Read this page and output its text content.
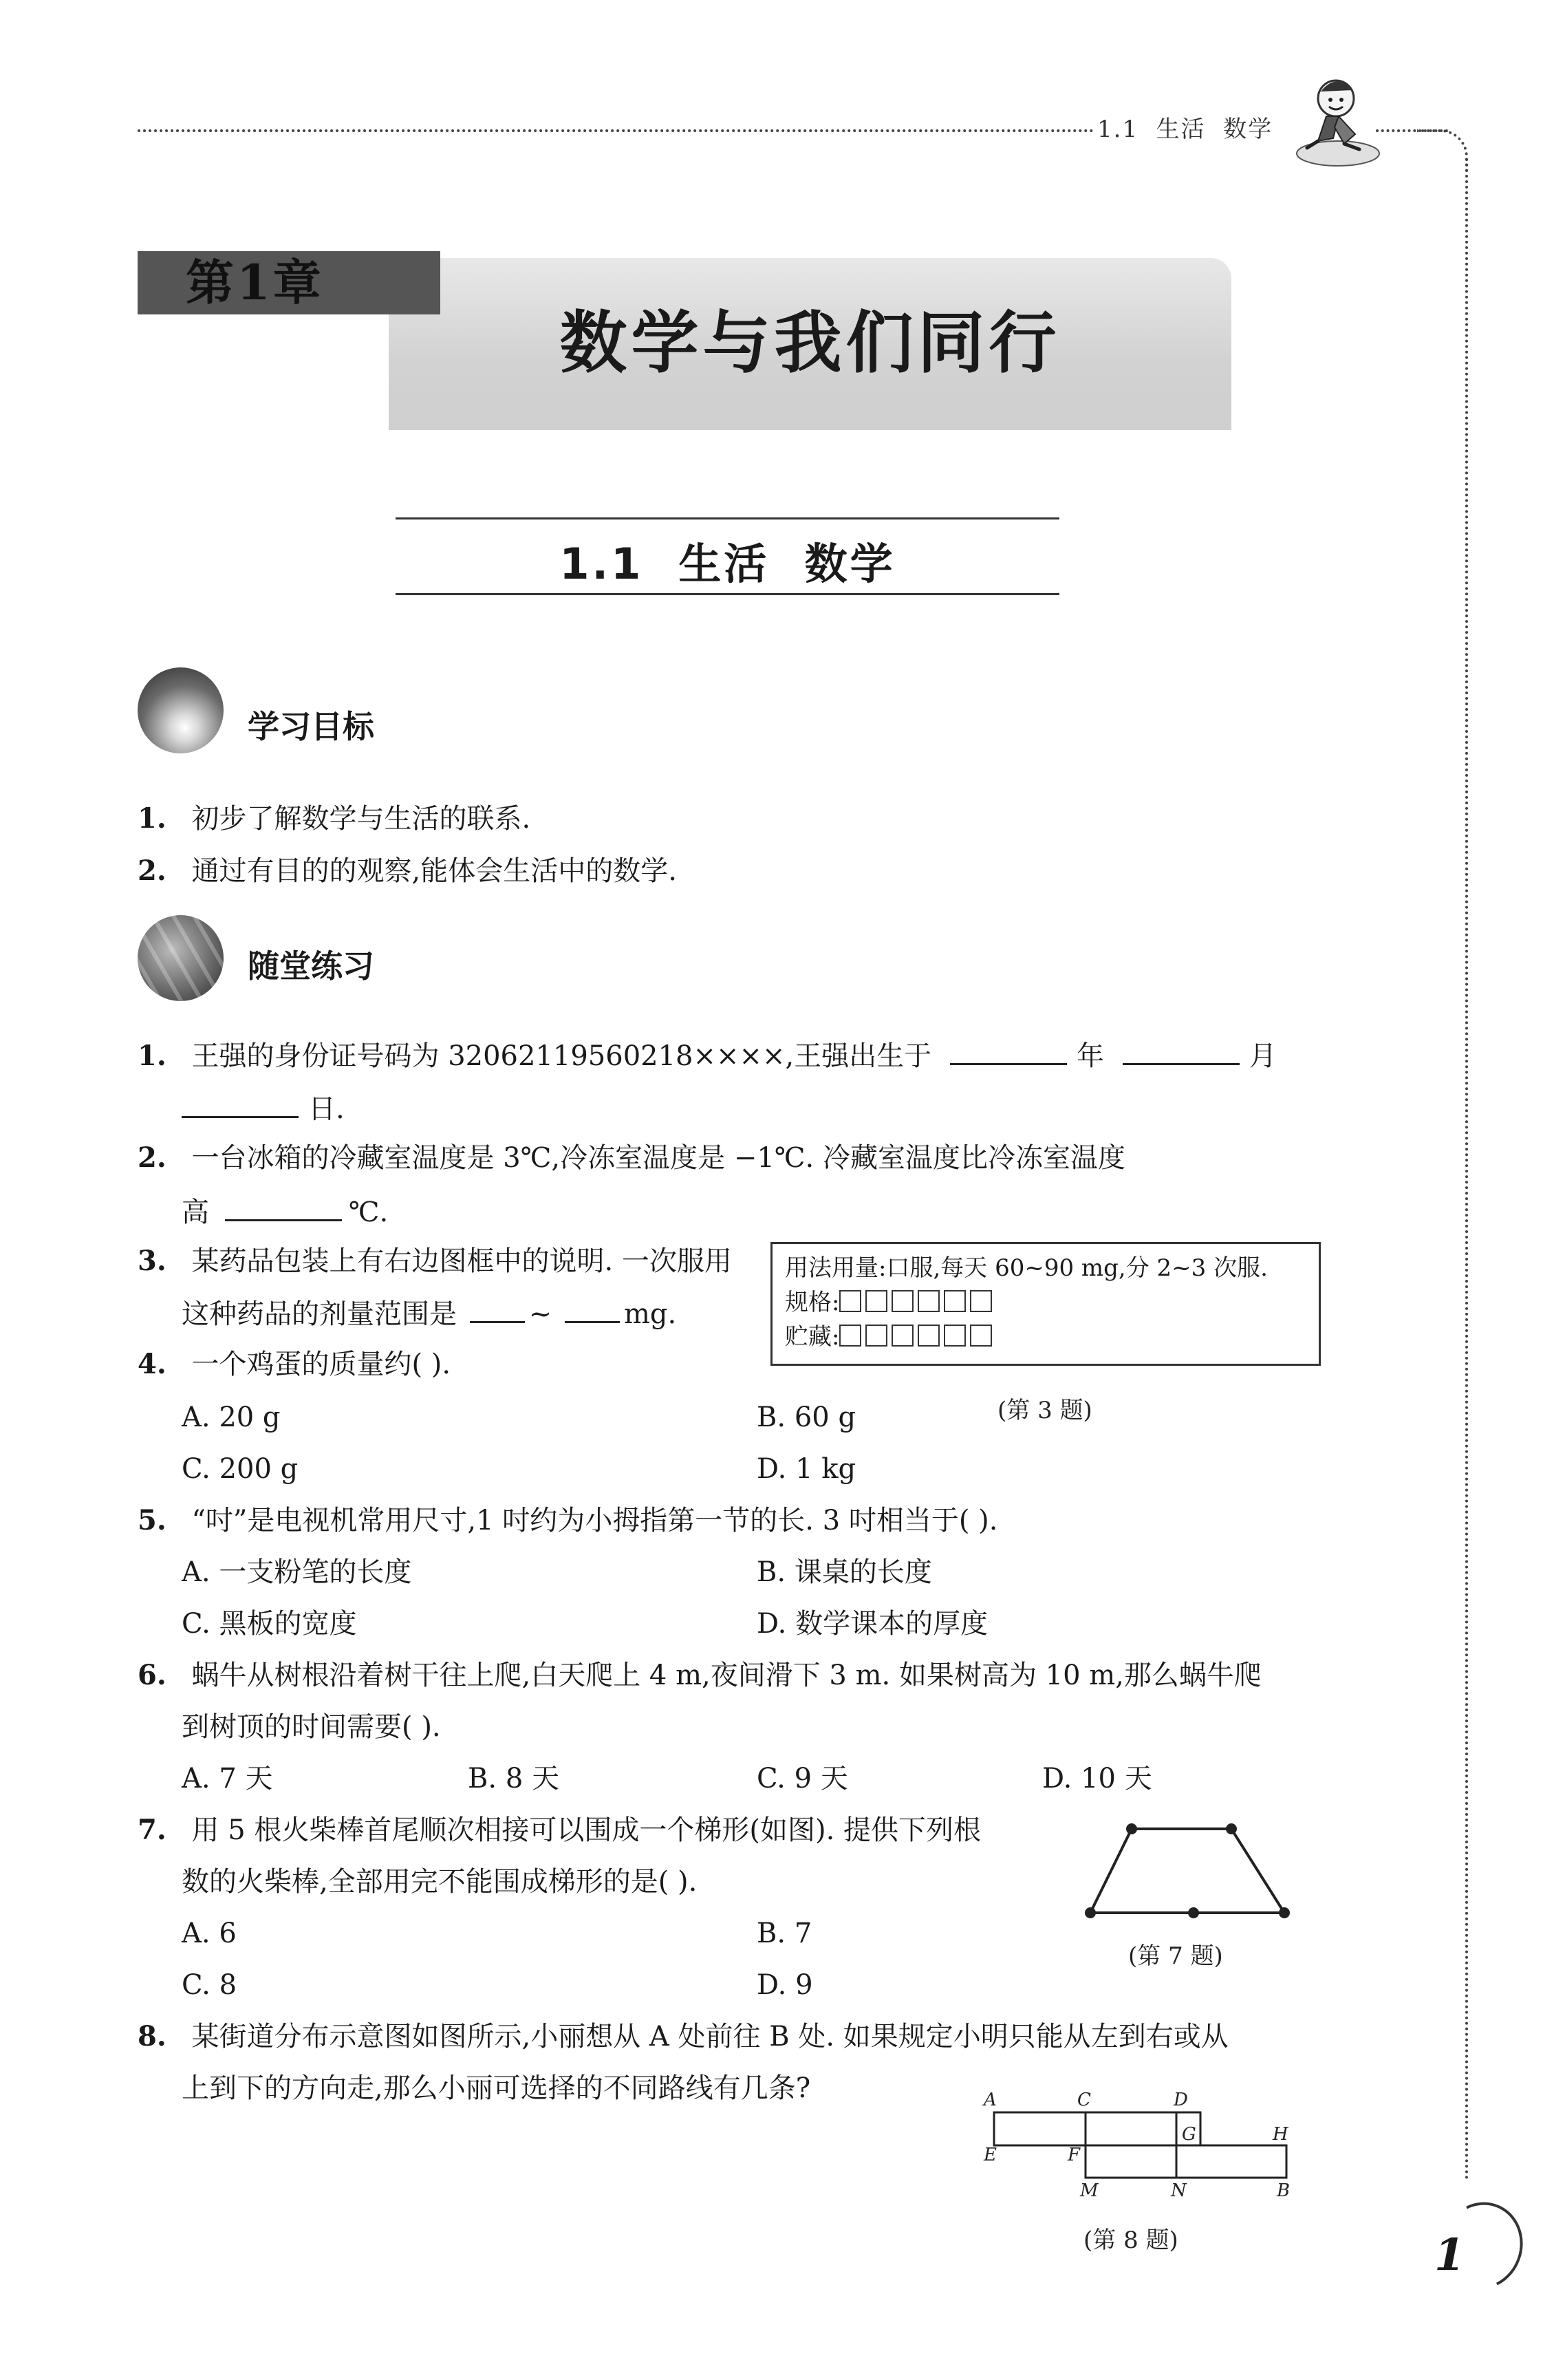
1.1  生活  数学
第1章
数学与我们同行
1.1  生活  数学
学习目标
1. 初步了解数学与生活的联系.
2. 通过有目的的观察,能体会生活中的数学.
随堂练习
1. 王强的身份证号码为 32062119560218××××,王强出生于	年	月
日.
2. 一台冰箱的冷藏室温度是 3℃,冷冻室温度是 −1℃. 冷藏室温度比冷冻室温度
高	℃.
3. 某药品包装上有右边图框中的说明. 一次服用
这种药品的剂量范围是	~	mg.
用法用量:口服,每天 60~90 mg,分 2~3 次服.
规格:
贮藏:
(第 3 题)
4. 一个鸡蛋的质量约( ).
A. 20 g	B. 60 g
C. 200 g	D. 1 kg
5. “吋”是电视机常用尺寸,1 吋约为小拇指第一节的长. 3 吋相当于( ).
A. 一支粉笔的长度	B. 课桌的长度
C. 黑板的宽度	D. 数学课本的厚度
6. 蜗牛从树根沿着树干往上爬,白天爬上 4 m,夜间滑下 3 m. 如果树高为 10 m,那么蜗牛爬
到树顶的时间需要( ).
A. 7 天	B. 8 天	C. 9 天	D. 10 天
7. 用 5 根火柴棒首尾顺次相接可以围成一个梯形(如图). 提供下列根
数的火柴棒,全部用完不能围成梯形的是( ).
A. 6	B. 7
C. 8	D. 9
(第 7 题)
8. 某街道分布示意图如图所示,小丽想从 A 处前往 B 处. 如果规定小明只能从左到右或从
上到下的方向走,那么小丽可选择的不同路线有几条?	A	C	D
G	H
E	F
M	N	B
(第 8 题)	1
